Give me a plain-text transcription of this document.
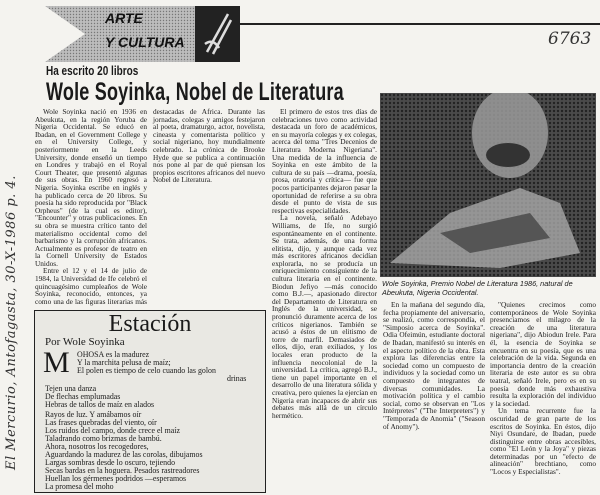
El Mercurio, Antofagasta, 30-X-1986 p. 4.
6763
ARTE
Y CULTURA
Ha escrito 20 libros
Wole Soyinka, Nobel de Literatura

Wole Soyinka nació en 1936 en Abeukuta, en la región Yoruba de Nigeria Occidental. Se educó en Ibadan, en el Government College y en el University College, y posteriormente en la Leeds University, donde enseñó un tiempo en Londres y trabajó en el Royal Court Theater, que presentó algunas de sus obras. En 1960 regresó a Nigeria. Soyinka escribe en inglés y ha publicado cerca de 20 libros. Su poesía ha sido reproducida por "Black Orpheus" (de la cual es editor), "Encounter" y otras publicaciones. En su obra se muestra crítico tanto del materialismo occidental como del barbarismo y la corrupción africanos. Actualmente es profesor de teatro en la Cornell University de Estados Unidos.

Entre el 12 y el 14 de julio de 1984, la Universidad de Ife celebró el quincuagésimo cumpleaños de Wole Soyinka, reconocido, entonces, ya como una de las figuras literarias más destacadas de Africa. Durante las jornadas, colegas y amigos festejaron al poeta, dramaturgo, actor, novelista, cineasta y comentarista político y social nigeriano, hoy mundialmente celebrado. La crónica de Brooke Hyde que se publica a continuación nos pone al par de qué piensan los propios escritores africanos del nuevo Nobel de Literatura.

El primero de estos tres días de celebraciones tuvo como actividad destacada un foro de académicos, en su mayoría colegas y ex colegas, acerca del tema "Tres Decenios de Literatura Moderna Nigeriana". Una medida de la influencia de Soyinka en este ámbito de la cultura de su país —drama, poesía, prosa, oratoria y crítica— fue que pocos participantes dejaron pasar la oportunidad de referirse a su obra desde el punto de vista de sus respectivas especialidades.

La novela, señaló Adebayo Williams, de Ife, no surgió espontáneamente en el continente. Se trata, además, de una forma elitista, dijo, y aunque cada vez más escritores africanos decidían explorarla, no se producía un enriquecimiento consiguiente de la cultura literaria en el continente. Biodun Jefiyo —más conocido como B.J.—, apasionado director del Departamento de Literatura en Inglés de la universidad, se pronunció duramente acerca de los críticos nigerianos. También se acusó a éstos de un elitismo de torre de marfil. Demasiados de ellos, dijo, eran exiliados, y los locales eran producto de la influencia neocolonial de la universidad. La crítica, agregó B.J., tiene un papel importante en el desarrollo de una literatura sólida y creativa, pero quienes la ejercían en Nigeria eran incapaces de abrir sus debates más allá de un círculo hermético.

Wole Soyinka, Premio Nobel de Literatura 1986, natural de Abeukuta, Nigeria Occidental.

En la mañana del segundo día, fecha propiamente del aniversario, se realizó, como correspondía, el "Simposio acerca de Soyinka". Odia Ofeimún, estudiante doctoral de Ibadan, manifestó su interés en el aspecto político de la obra. Esta explora las diferencias entre la sociedad como un compuesto de individuos y la sociedad como un compuesto de integrantes de diversas comunidades. La motivación política y el cambio social, como se observan en "Los Intérpretes" ("The Interpreters") y "Temporada de Anomia" ("Season of Anomy").

"Quienes crecimos como contemporáneos de Wole Soyinka presenciamos el milagro de la creación de una literatura nigeriana", dijo Abiodun Irele. Para él, la esencia de Soyinka se encuentra en su poesía, que es una celebración de la vida. Segunda en importancia dentro de la creación literaria de este autor es su obra teatral, señaló Irele, pero es en su poesía donde más exhaustiva resulta la exploración del individuo y la sociedad.

Un tema recurrente fue la oscuridad de gran parte de los escritos de Soyinka. En éstos, dijo Niyi Osundare, de Ibadan, puede distinguirse entre obras accesibles, como "El León y la Joya" y piezas determinadas por un "efecto de alineación" brechtiano, como "Locos y Especialistas".

Estación
Por Wole Soyinka
M OHOSA es la madurez
Y la marchita pelusa de maíz;
El polen es tiempo de celo cuando las golon
drinas
Tejen una danza
De flechas emplumadas
Hebras de tallos de maíz en alados
Rayos de luz. Y amábamos oír
Las frases quebradas del viento, oír
Los ruidos del campo, donde crece el maíz
Taladrando como brizmas de bambú.
Ahora, nosotros los recogedores,
Aguardando la madurez de las corolas, dibujamos
Largas sombras desde lo oscuro, tejiendo
Secas bardas en la hoguera. Pesados rastreadores
Huellan los gérmenes podridos —esperamos
La promesa del moho
